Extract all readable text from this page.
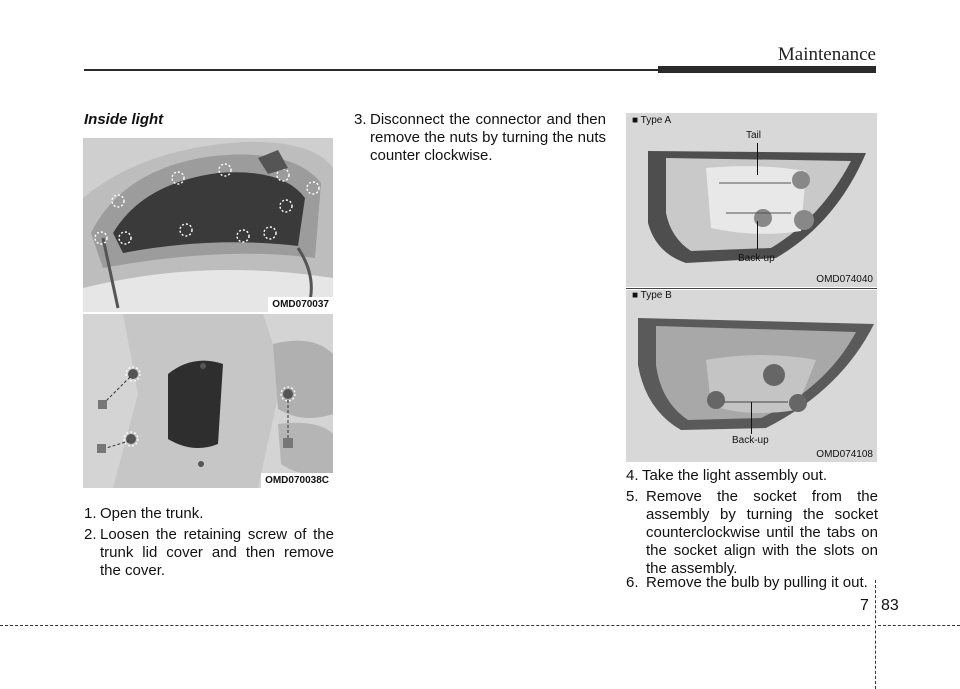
Maintenance
Inside light
OMD070037
OMD070038C
1. Open the trunk.
2. Loosen the retaining screw of the trunk lid cover and then remove the cover.
3. Disconnect the connector and then remove the nuts by turning the nuts counter clockwise.
■ Type A
Tail
Back-up
OMD074040
■ Type B
Back-up
OMD074108
4. Take the light assembly out.
5. Remove the socket from the assembly by turning the socket counterclockwise until the tabs on the socket align with the slots on the assembly.
6. Remove the bulb by pulling it out.
7 83
